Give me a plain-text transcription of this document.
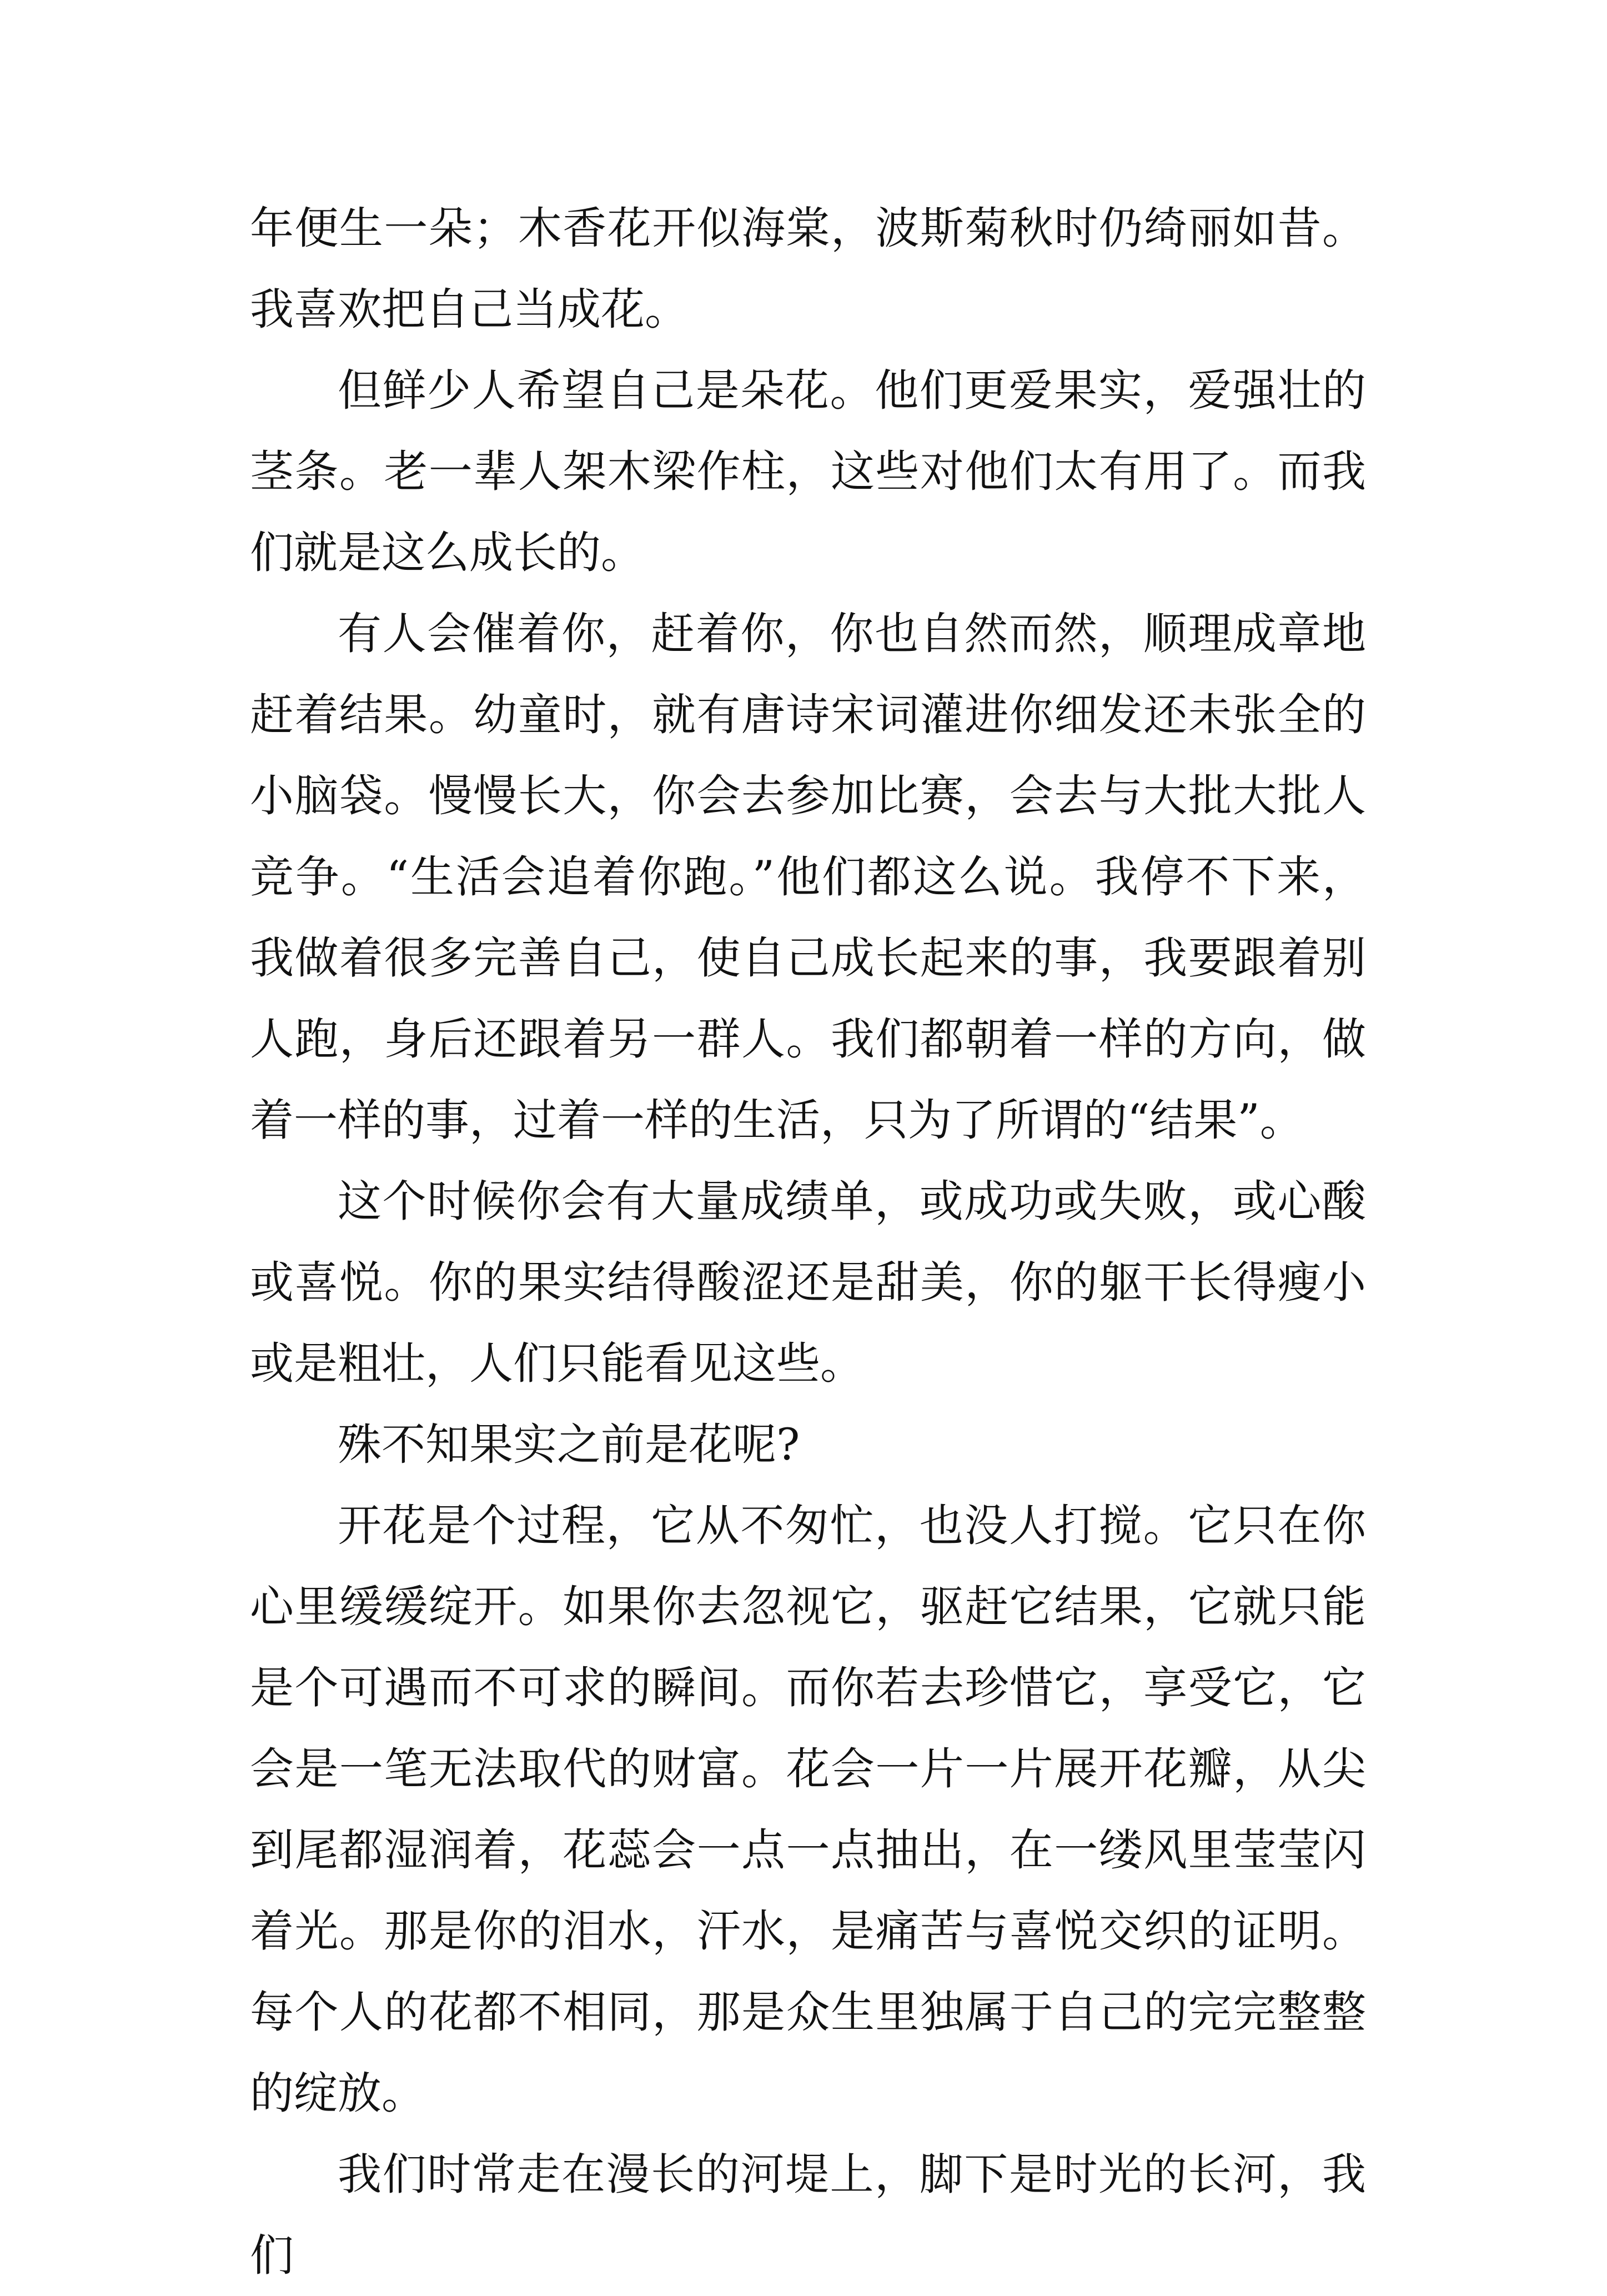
年便生一朵；木香花开似海棠，波斯菊秋时仍绮丽如昔。我喜欢把自己当成花。

但鲜少人希望自己是朵花。他们更爱果实，爱强壮的茎条。老一辈人架木梁作柱，这些对他们太有用了。而我们就是这么成长的。

有人会催着你，赶着你，你也自然而然，顺理成章地赶着结果。幼童时，就有唐诗宋词灌进你细发还未张全的小脑袋。慢慢长大，你会去参加比赛，会去与大批大批人竞争。“生活会追着你跑。”他们都这么说。我停不下来，我做着很多完善自己，使自己成长起来的事，我要跟着别人跑，身后还跟着另一群人。我们都朝着一样的方向，做着一样的事，过着一样的生活，只为了所谓的“结果”。

这个时候你会有大量成绩单，或成功或失败，或心酸或喜悦。你的果实结得酸涩还是甜美，你的躯干长得瘦小或是粗壮，人们只能看见这些。

殊不知果实之前是花呢?

开花是个过程，它从不匆忙，也没人打搅。它只在你心里缓缓绽开。如果你去忽视它，驱赶它结果，它就只能是个可遇而不可求的瞬间。而你若去珍惜它，享受它，它会是一笔无法取代的财富。花会一片一片展开花瓣，从尖到尾都湿润着，花蕊会一点一点抽出，在一缕风里莹莹闪着光。那是你的泪水，汗水，是痛苦与喜悦交织的证明。每个人的花都不相同，那是众生里独属于自己的完完整整的绽放。

我们时常走在漫长的河堤上，脚下是时光的长河，我们
